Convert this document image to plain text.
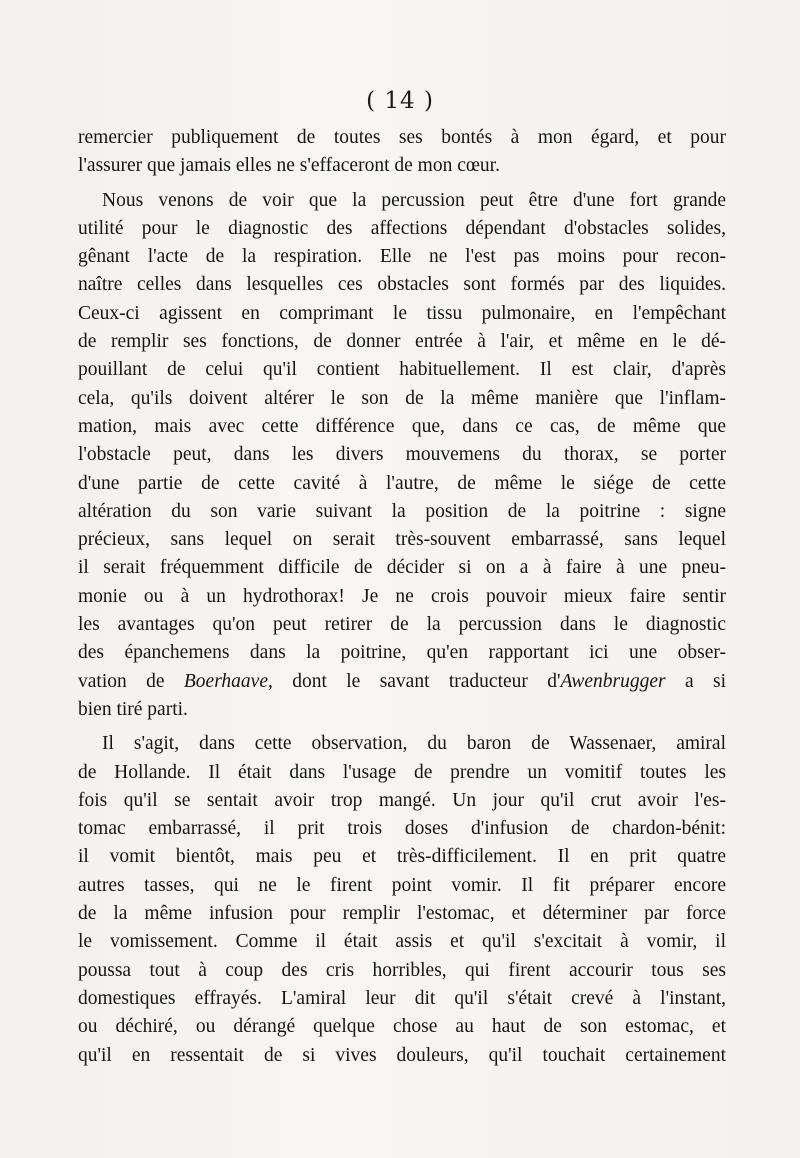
( 14 )
remercier publiquement de toutes ses bontés à mon égard, et pour
l'assurer que jamais elles ne s'effaceront de mon cœur.
Nous venons de voir que la percussion peut être d'une fort grande
utilité pour le diagnostic des affections dépendant d'obstacles solides,
gênant l'acte de la respiration. Elle ne l'est pas moins pour recon-
naître celles dans lesquelles ces obstacles sont formés par des liquides.
Ceux-ci agissent en comprimant le tissu pulmonaire, en l'empêchant
de remplir ses fonctions, de donner entrée à l'air, et même en le dé-
pouillant de celui qu'il contient habituellement. Il est clair, d'après
cela, qu'ils doivent altérer le son de la même manière que l'inflam-
mation, mais avec cette différence que, dans ce cas, de même que
l'obstacle peut, dans les divers mouvemens du thorax, se porter
d'une partie de cette cavité à l'autre, de même le siége de cette
altération du son varie suivant la position de la poitrine : signe
précieux, sans lequel on serait très-souvent embarrassé, sans lequel
il serait fréquemment difficile de décider si on a à faire à une pneu-
monie ou à un hydrothorax! Je ne crois pouvoir mieux faire sentir
les avantages qu'on peut retirer de la percussion dans le diagnostic
des épanchemens dans la poitrine, qu'en rapportant ici une obser-
vation de Boerhaave, dont le savant traducteur d'Awenbrugger a si
bien tiré parti.
Il s'agit, dans cette observation, du baron de Wassenaer, amiral
de Hollande. Il était dans l'usage de prendre un vomitif toutes les
fois qu'il se sentait avoir trop mangé. Un jour qu'il crut avoir l'es-
tomac embarrassé, il prit trois doses d'infusion de chardon-bénit:
il vomit bientôt, mais peu et très-difficilement. Il en prit quatre
autres tasses, qui ne le firent point vomir. Il fit préparer encore
de la même infusion pour remplir l'estomac, et déterminer par force
le vomissement. Comme il était assis et qu'il s'excitait à vomir, il
poussa tout à coup des cris horribles, qui firent accourir tous ses
domestiques effrayés. L'amiral leur dit qu'il s'était crevé à l'instant,
ou déchiré, ou dérangé quelque chose au haut de son estomac, et
qu'il en ressentait de si vives douleurs, qu'il touchait certainement
